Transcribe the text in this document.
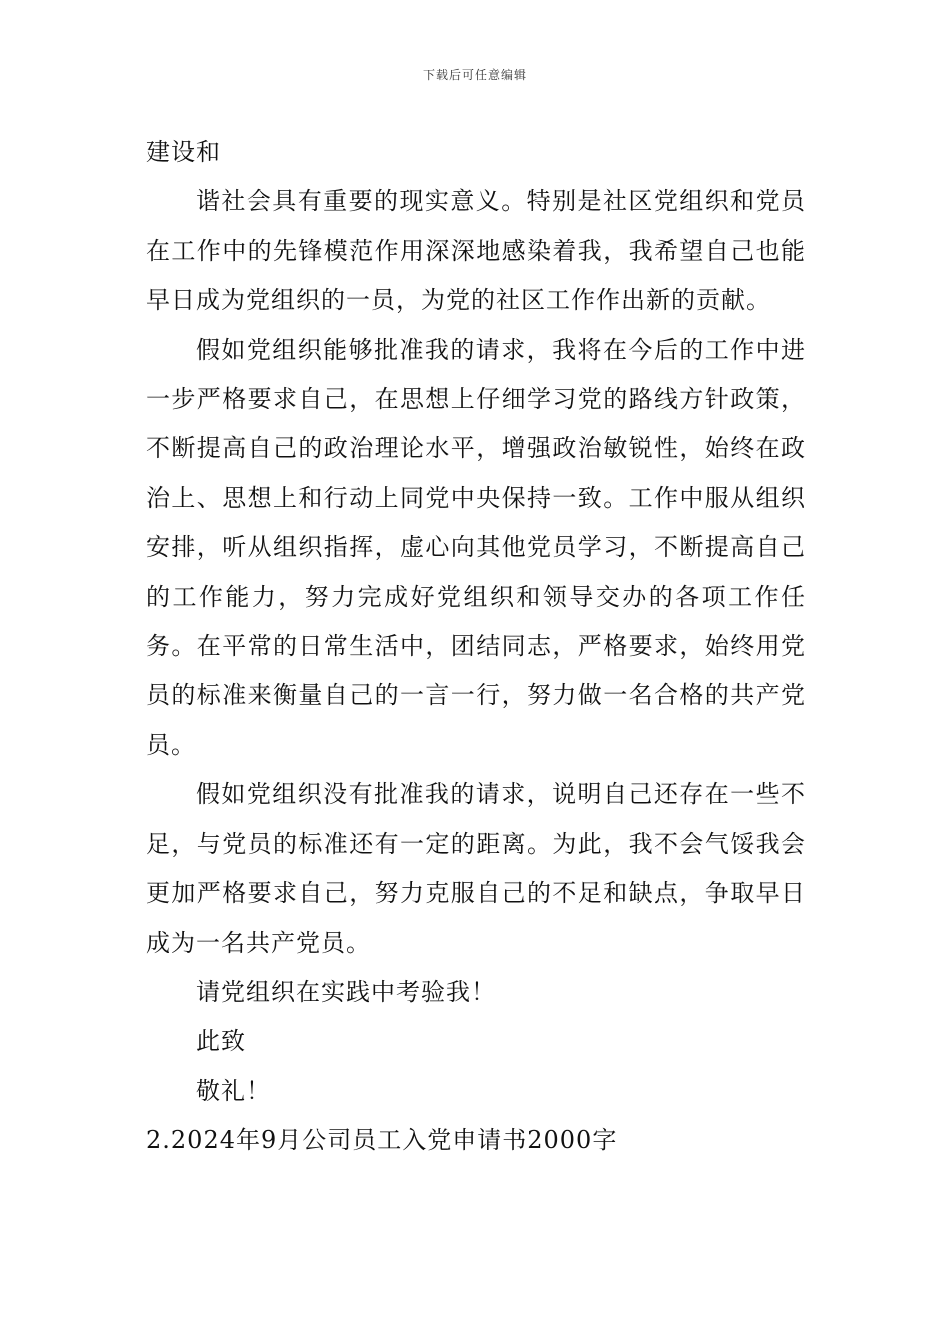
下载后可任意编辑

建设和

谐社会具有重要的现实意义。特别是社区党组织和党员在工作中的先锋模范作用深深地感染着我，我希望自己也能早日成为党组织的一员，为党的社区工作作出新的贡献。

假如党组织能够批准我的请求，我将在今后的工作中进一步严格要求自己，在思想上仔细学习党的路线方针政策，不断提高自己的政治理论水平，增强政治敏锐性，始终在政治上、思想上和行动上同党中央保持一致。工作中服从组织安排，听从组织指挥，虚心向其他党员学习，不断提高自己的工作能力，努力完成好党组织和领导交办的各项工作任务。在平常的日常生活中，团结同志，严格要求，始终用党员的标准来衡量自己的一言一行，努力做一名合格的共产党员。

假如党组织没有批准我的请求，说明自己还存在一些不足，与党员的标准还有一定的距离。为此，我不会气馁我会更加严格要求自己，努力克服自己的不足和缺点，争取早日成为一名共产党员。

请党组织在实践中考验我！

此致

敬礼！

2.2024年9月公司员工入党申请书2000字
